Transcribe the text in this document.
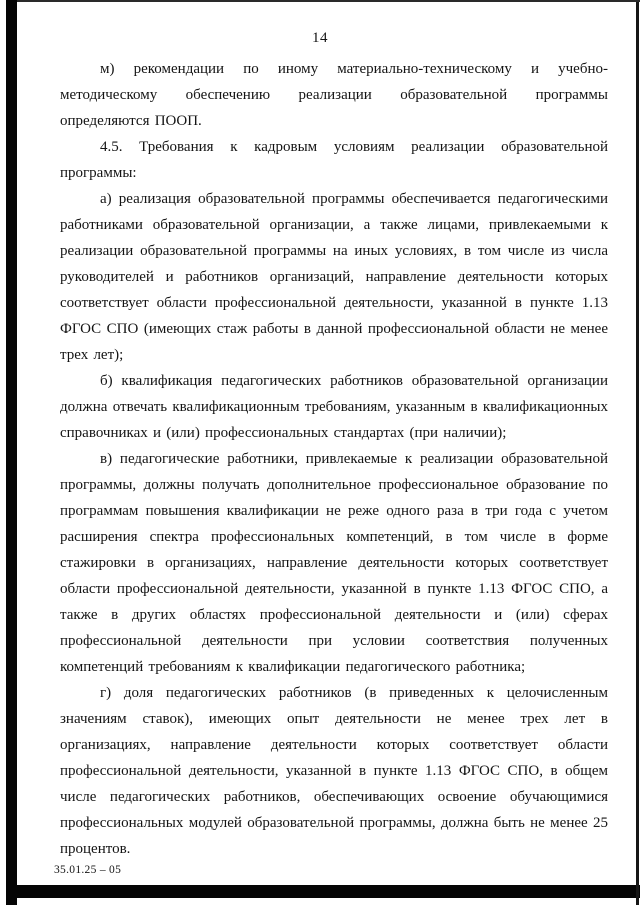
14

м) рекомендации по иному материально-техническому и учебно-методическому обеспечению реализации образовательной программы определяются ПООП.

4.5. Требования к кадровым условиям реализации образовательной программы:

а) реализация образовательной программы обеспечивается педагогическими работниками образовательной организации, а также лицами, привлекаемыми к реализации образовательной программы на иных условиях, в том числе из числа руководителей и работников организаций, направление деятельности которых соответствует области профессиональной деятельности, указанной в пункте 1.13 ФГОС СПО (имеющих стаж работы в данной профессиональной области не менее трех лет);

б) квалификация педагогических работников образовательной организации должна отвечать квалификационным требованиям, указанным в квалификационных справочниках и (или) профессиональных стандартах (при наличии);

в) педагогические работники, привлекаемые к реализации образовательной программы, должны получать дополнительное профессиональное образование по программам повышения квалификации не реже одного раза в три года с учетом расширения спектра профессиональных компетенций, в том числе в форме стажировки в организациях, направление деятельности которых соответствует области профессиональной деятельности, указанной в пункте 1.13 ФГОС СПО, а также в других областях профессиональной деятельности и (или) сферах профессиональной деятельности при условии соответствия полученных компетенций требованиям к квалификации педагогического работника;

г) доля педагогических работников (в приведенных к целочисленным значениям ставок), имеющих опыт деятельности не менее трех лет в организациях, направление деятельности которых соответствует области профессиональной деятельности, указанной в пункте 1.13 ФГОС СПО, в общем числе педагогических работников, обеспечивающих освоение обучающимися профессиональных модулей образовательной программы, должна быть не менее 25 процентов.

35.01.25 – 05
